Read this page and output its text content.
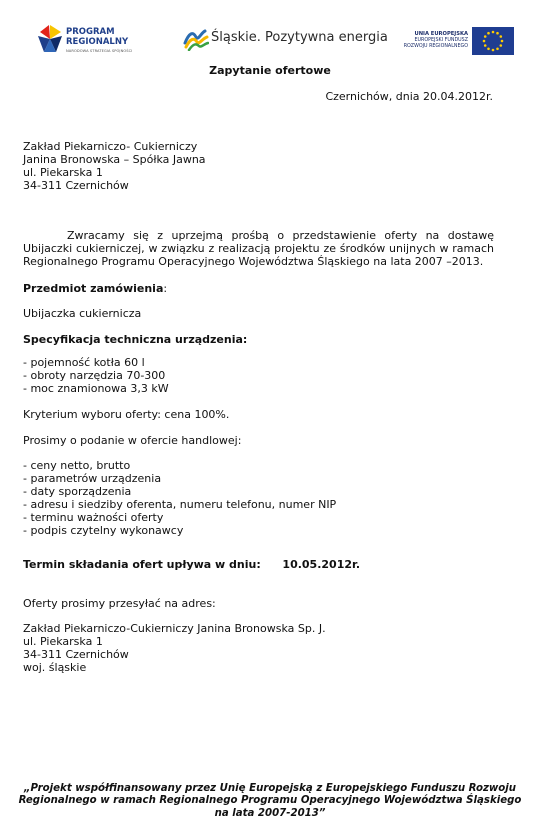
PROGRAM
REGIONALNY
NARODOWA STRATEGIA SPÓJNOŚCI
Śląskie. Pozytywna energia	UNIA EUROPEJSKA
EUROPEJSKI FUNDUSZ
ROZWOJU REGIONALNEGO
Zapytanie ofertowe
Czernichów, dnia 20.04.2012r.
Zakład Piekarniczo- Cukierniczy
Janina Bronowska – Spółka Jawna
ul. Piekarska 1
34-311 Czernichów
Zwracamy się z uprzejmą prośbą o przedstawienie oferty na dostawę Ubijaczki cukierniczej, w związku z realizacją projektu ze środków unijnych w ramach Regionalnego Programu Operacyjnego Województwa Śląskiego na lata 2007 –2013.
Przedmiot zamówienia:
Ubijaczka cukiernicza
Specyfikacja techniczna urządzenia:
- pojemność kotła 60 l
- obroty narzędzia 70-300
- moc znamionowa 3,3 kW
Kryterium wyboru oferty: cena 100%.
Prosimy o podanie w ofercie handlowej:
- ceny netto, brutto
- parametrów urządzenia
- daty sporządzenia
- adresu i siedziby oferenta, numeru telefonu, numer NIP
- terminu ważności oferty
- podpis czytelny wykonawcy
Termin składania ofert upływa w dniu: 10.05.2012r.
Oferty prosimy przesyłać na adres:
Zakład Piekarniczo-Cukierniczy Janina Bronowska Sp. J.
ul. Piekarska 1
34-311 Czernichów
woj. śląskie
„Projekt współfinansowany przez Unię Europejską z Europejskiego Funduszu Rozwoju
Regionalnego w ramach Regionalnego Programu Operacyjnego Województwa Śląskiego
na lata 2007-2013”
